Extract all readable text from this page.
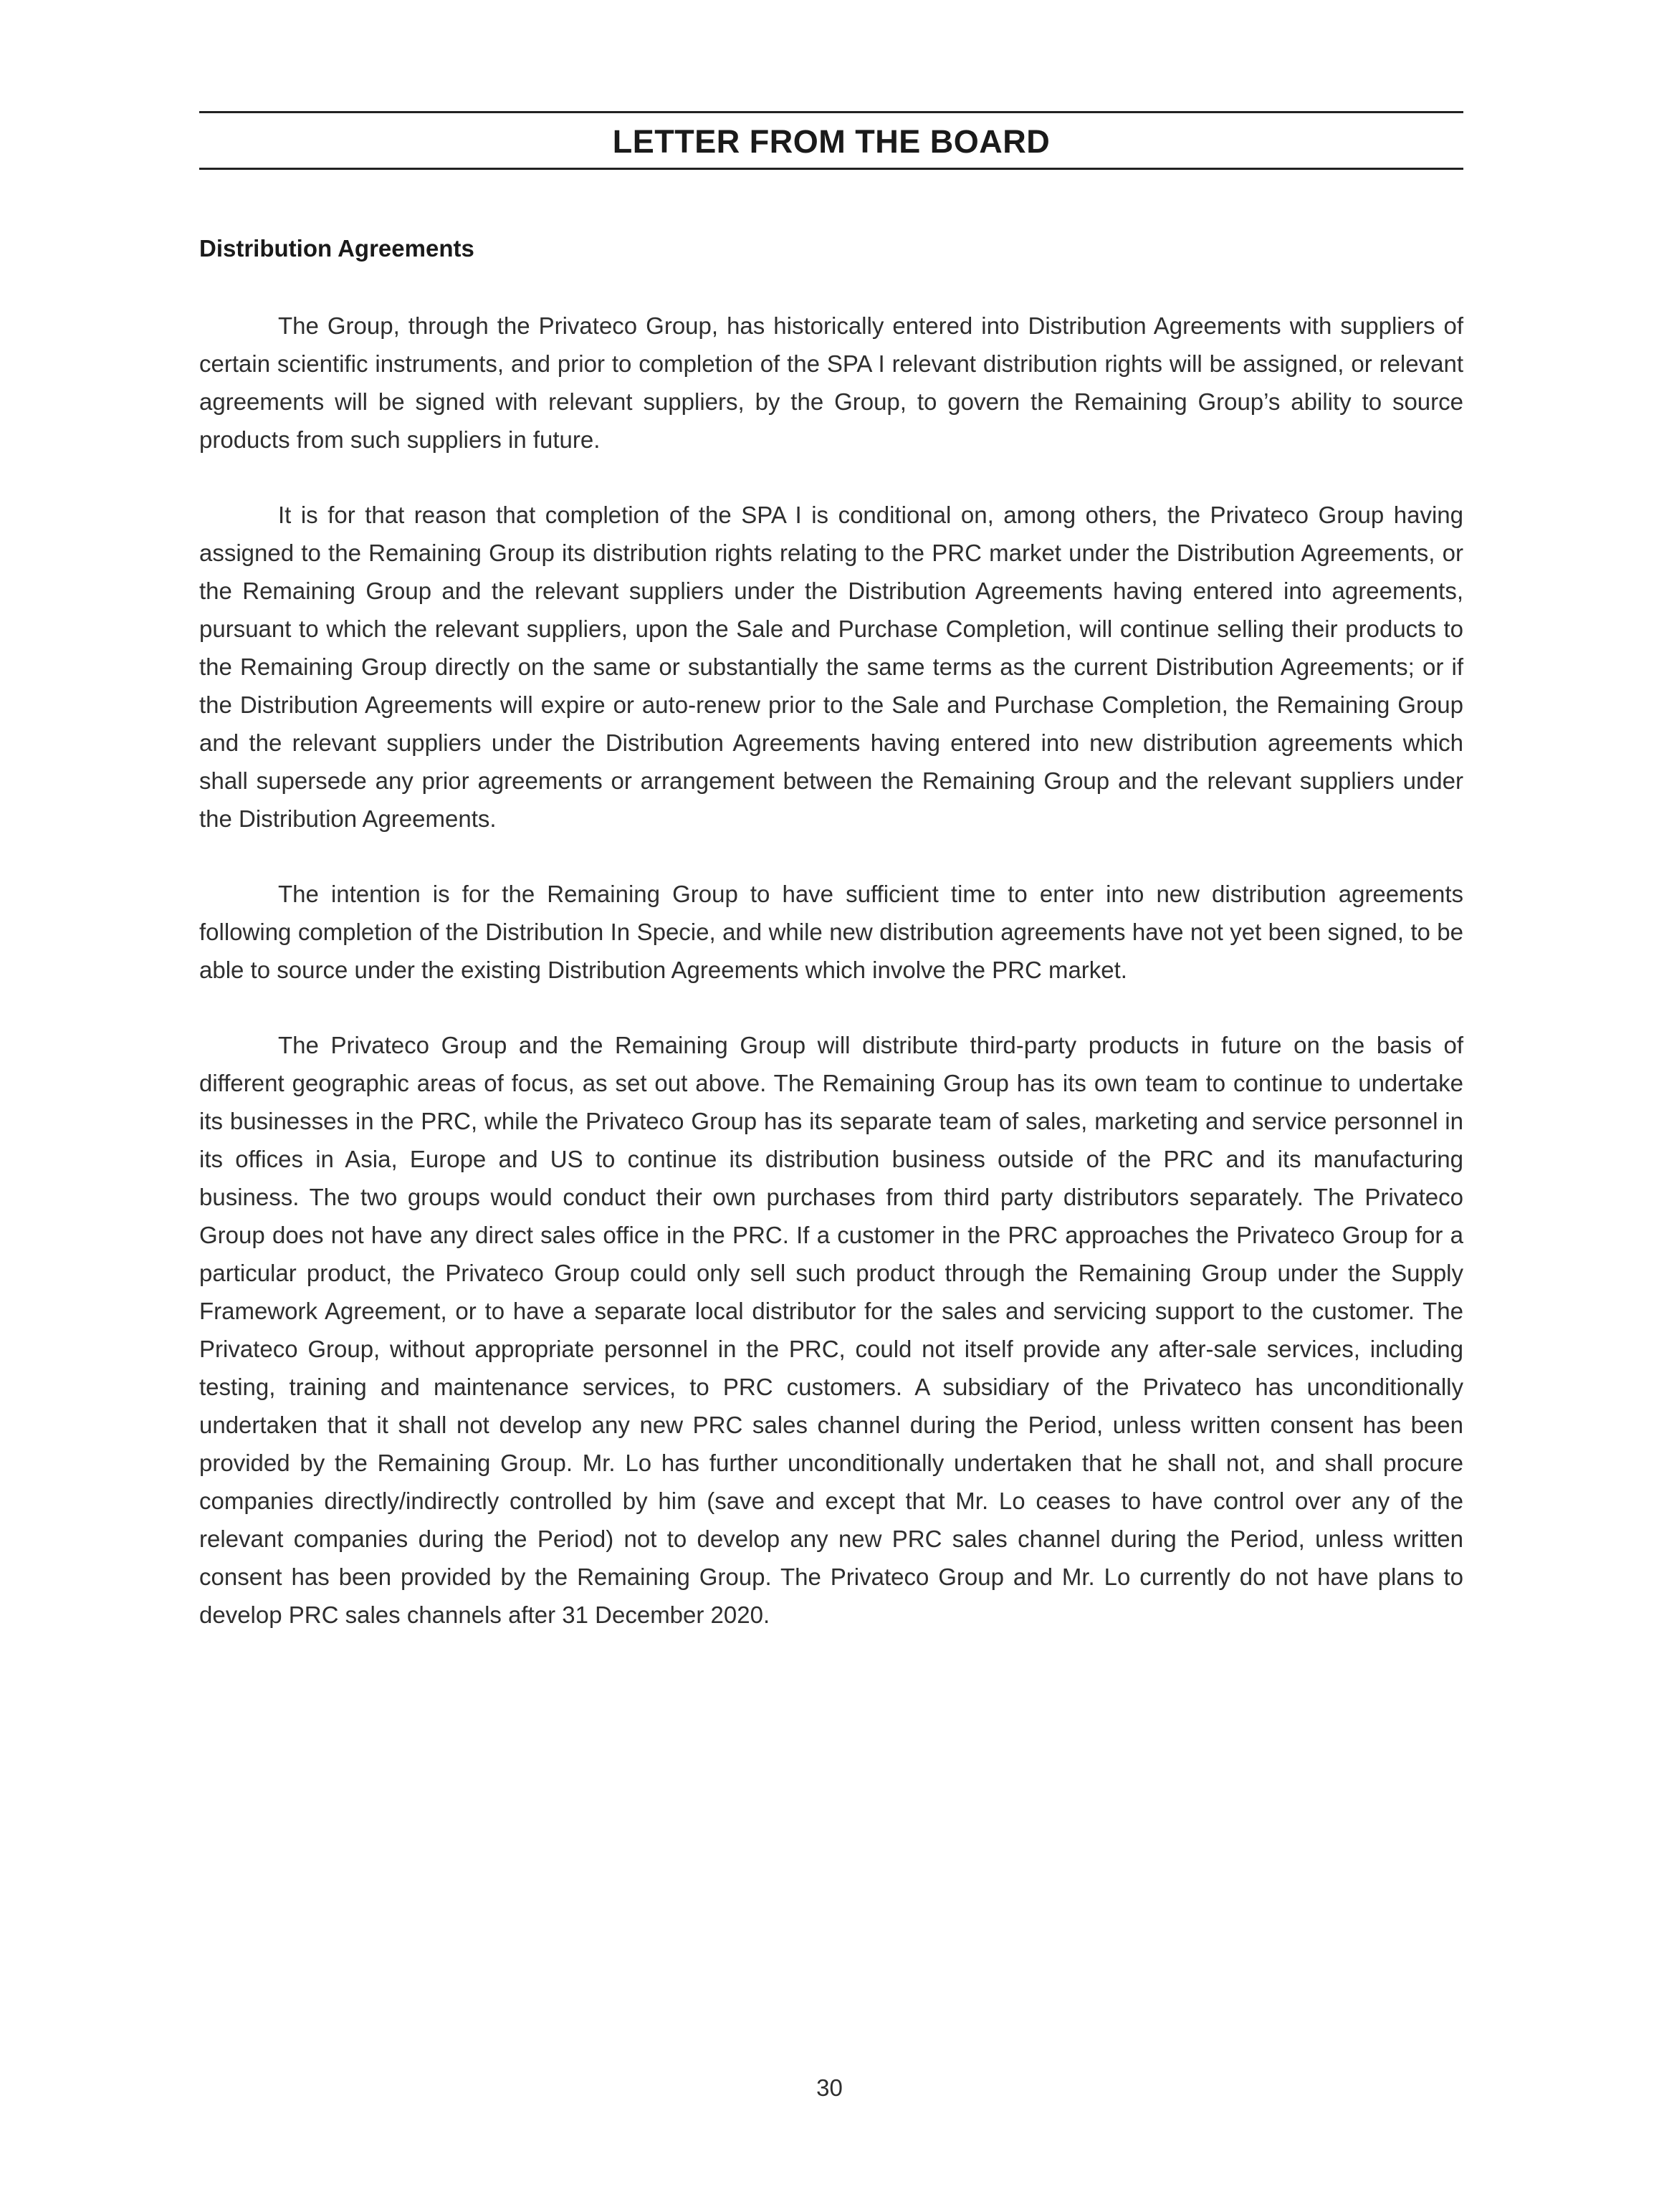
LETTER FROM THE BOARD
Distribution Agreements

The Group, through the Privateco Group, has historically entered into Distribution Agreements with suppliers of certain scientific instruments, and prior to completion of the SPA I relevant distribution rights will be assigned, or relevant agreements will be signed with relevant suppliers, by the Group, to govern the Remaining Group’s ability to source products from such suppliers in future.

It is for that reason that completion of the SPA I is conditional on, among others, the Privateco Group having assigned to the Remaining Group its distribution rights relating to the PRC market under the Distribution Agreements, or the Remaining Group and the relevant suppliers under the Distribution Agreements having entered into agreements, pursuant to which the relevant suppliers, upon the Sale and Purchase Completion, will continue selling their products to the Remaining Group directly on the same or substantially the same terms as the current Distribution Agreements; or if the Distribution Agreements will expire or auto-renew prior to the Sale and Purchase Completion, the Remaining Group and the relevant suppliers under the Distribution Agreements having entered into new distribution agreements which shall supersede any prior agreements or arrangement between the Remaining Group and the relevant suppliers under the Distribution Agreements.

The intention is for the Remaining Group to have sufficient time to enter into new distribution agreements following completion of the Distribution In Specie, and while new distribution agreements have not yet been signed, to be able to source under the existing Distribution Agreements which involve the PRC market.

The Privateco Group and the Remaining Group will distribute third-party products in future on the basis of different geographic areas of focus, as set out above. The Remaining Group has its own team to continue to undertake its businesses in the PRC, while the Privateco Group has its separate team of sales, marketing and service personnel in its offices in Asia, Europe and US to continue its distribution business outside of the PRC and its manufacturing business. The two groups would conduct their own purchases from third party distributors separately. The Privateco Group does not have any direct sales office in the PRC. If a customer in the PRC approaches the Privateco Group for a particular product, the Privateco Group could only sell such product through the Remaining Group under the Supply Framework Agreement, or to have a separate local distributor for the sales and servicing support to the customer. The Privateco Group, without appropriate personnel in the PRC, could not itself provide any after-sale services, including testing, training and maintenance services, to PRC customers. A subsidiary of the Privateco has unconditionally undertaken that it shall not develop any new PRC sales channel during the Period, unless written consent has been provided by the Remaining Group. Mr. Lo has further unconditionally undertaken that he shall not, and shall procure companies directly/indirectly controlled by him (save and except that Mr. Lo ceases to have control over any of the relevant companies during the Period) not to develop any new PRC sales channel during the Period, unless written consent has been provided by the Remaining Group. The Privateco Group and Mr. Lo currently do not have plans to develop PRC sales channels after 31 December 2020.

30
